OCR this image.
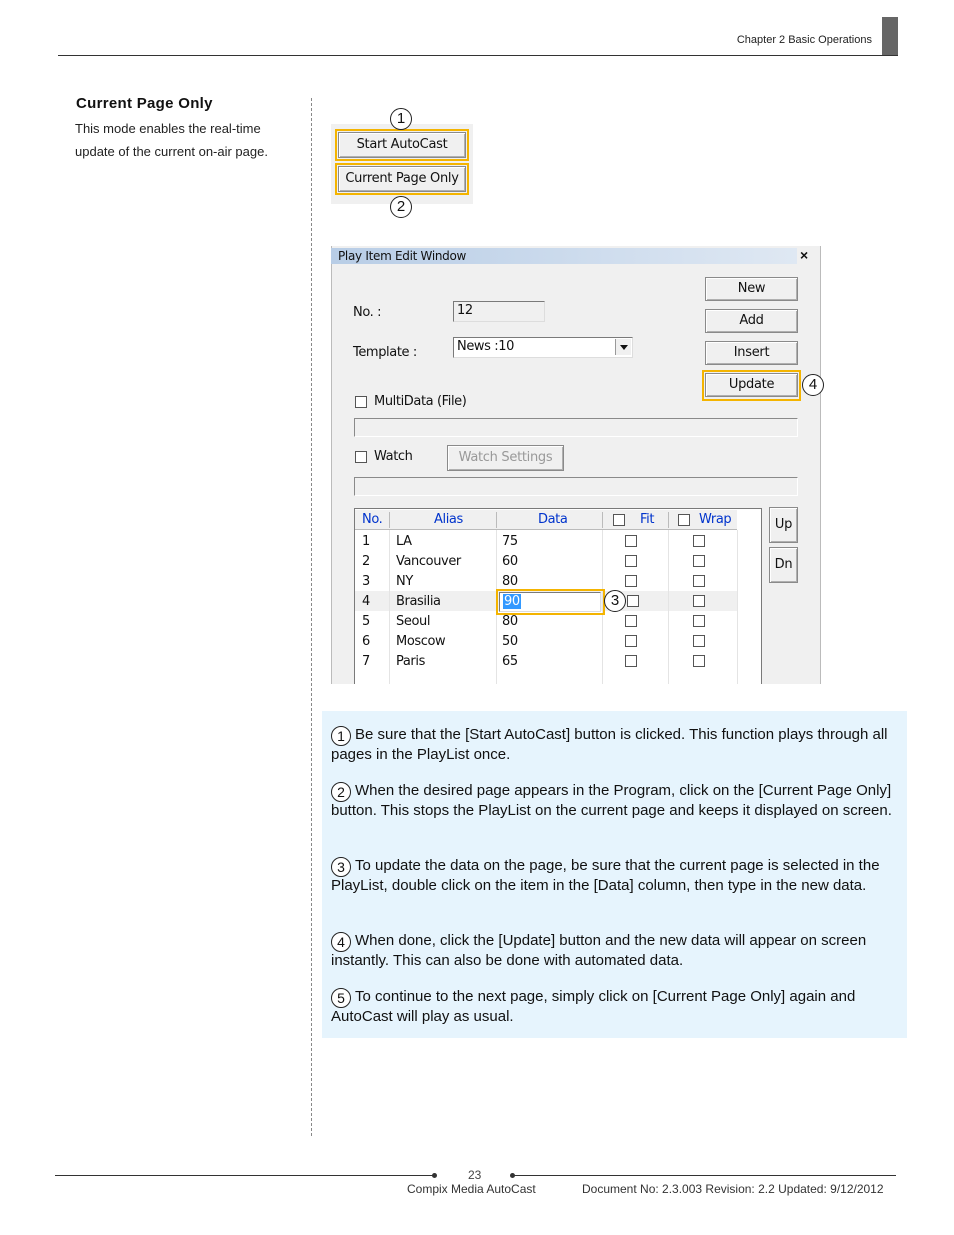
Chapter 2 Basic Operations
Current Page Only
This mode enables the real-time update of the current on-air page.	Start AutoCast
Current Page Only
1
2
Play Item Edit Window	×
No. :	12
Template :	News :10
New
Add
Insert
Update	4
MultiData (File)
Watch	Watch Settings
No.	Alias	Data	Fit	Wrap
1 LA	75
2 Vancouver	60
3 NY	80
4 Brasilia	90	3
5 Seoul	80
6 Moscow	50
7 Paris	65
Up
Dn
1 Be sure that the [Start AutoCast] button is clicked. This function plays through all pages in the PlayList once.
2 When the desired page appears in the Program, click on the [Current Page Only] button. This stops the PlayList on the current page and keeps it displayed on screen.
3 To update the data on the page, be sure that the current page is selected in the PlayList, double click on the item in the [Data] column, then type in the new data.
4 When done, click the [Update] button and the new data will appear on screen instantly. This can also be done with automated data.
5 To continue to the next page, simply click on [Current Page Only] again and AutoCast will play as usual.
23
Compix Media AutoCast	Document No: 2.3.003 Revision: 2.2 Updated: 9/12/2012
